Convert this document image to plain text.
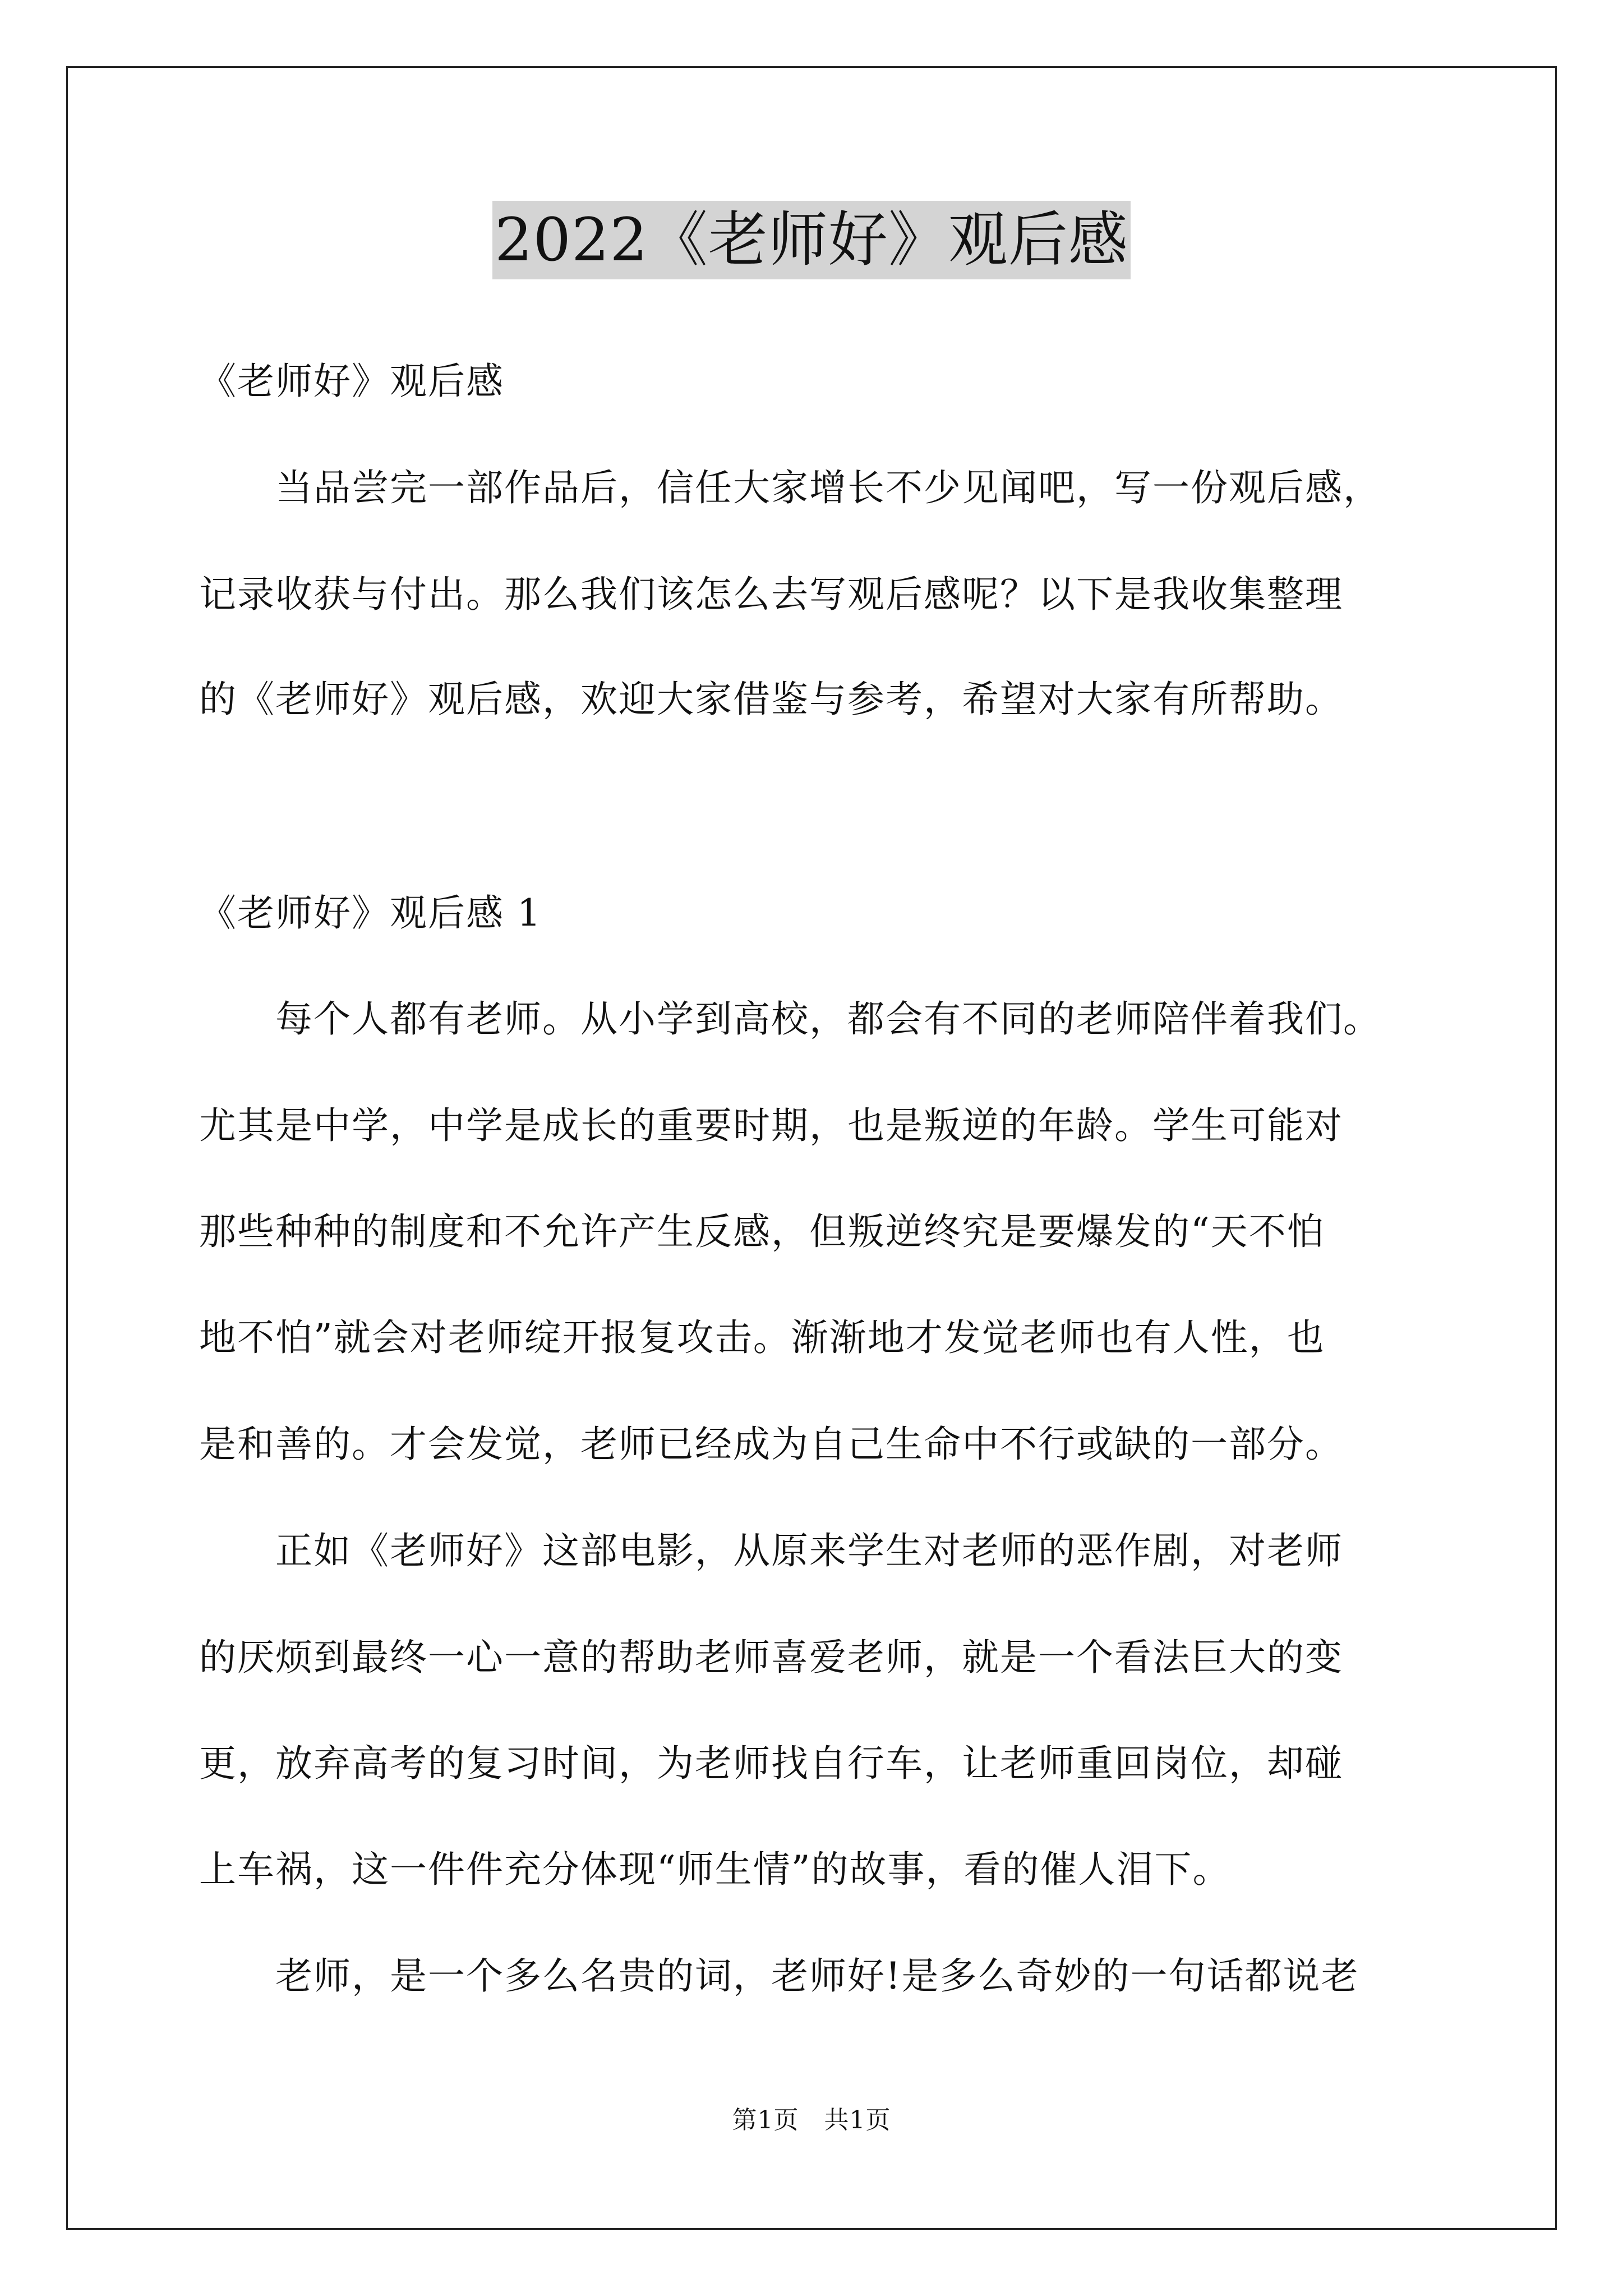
2022《老师好》观后感
《老师好》观后感
　　当品尝完一部作品后，信任大家增长不少见闻吧，写一份观后感，
记录收获与付出。那么我们该怎么去写观后感呢？以下是我收集整理
的《老师好》观后感，欢迎大家借鉴与参考，希望对大家有所帮助。
《老师好》观后感 1
　　每个人都有老师。从小学到高校，都会有不同的老师陪伴着我们。
尤其是中学，中学是成长的重要时期，也是叛逆的年龄。学生可能对
那些种种的制度和不允许产生反感，但叛逆终究是要爆发的“天不怕
地不怕”就会对老师绽开报复攻击。渐渐地才发觉老师也有人性，也
是和善的。才会发觉，老师已经成为自己生命中不行或缺的一部分。
　　正如《老师好》这部电影，从原来学生对老师的恶作剧，对老师
的厌烦到最终一心一意的帮助老师喜爱老师，就是一个看法巨大的变
更，放弃高考的复习时间，为老师找自行车，让老师重回岗位，却碰
上车祸，这一件件充分体现“师生情”的故事，看的催人泪下。
　　老师，是一个多么名贵的词，老师好!是多么奇妙的一句话都说老
第1页　共1页
